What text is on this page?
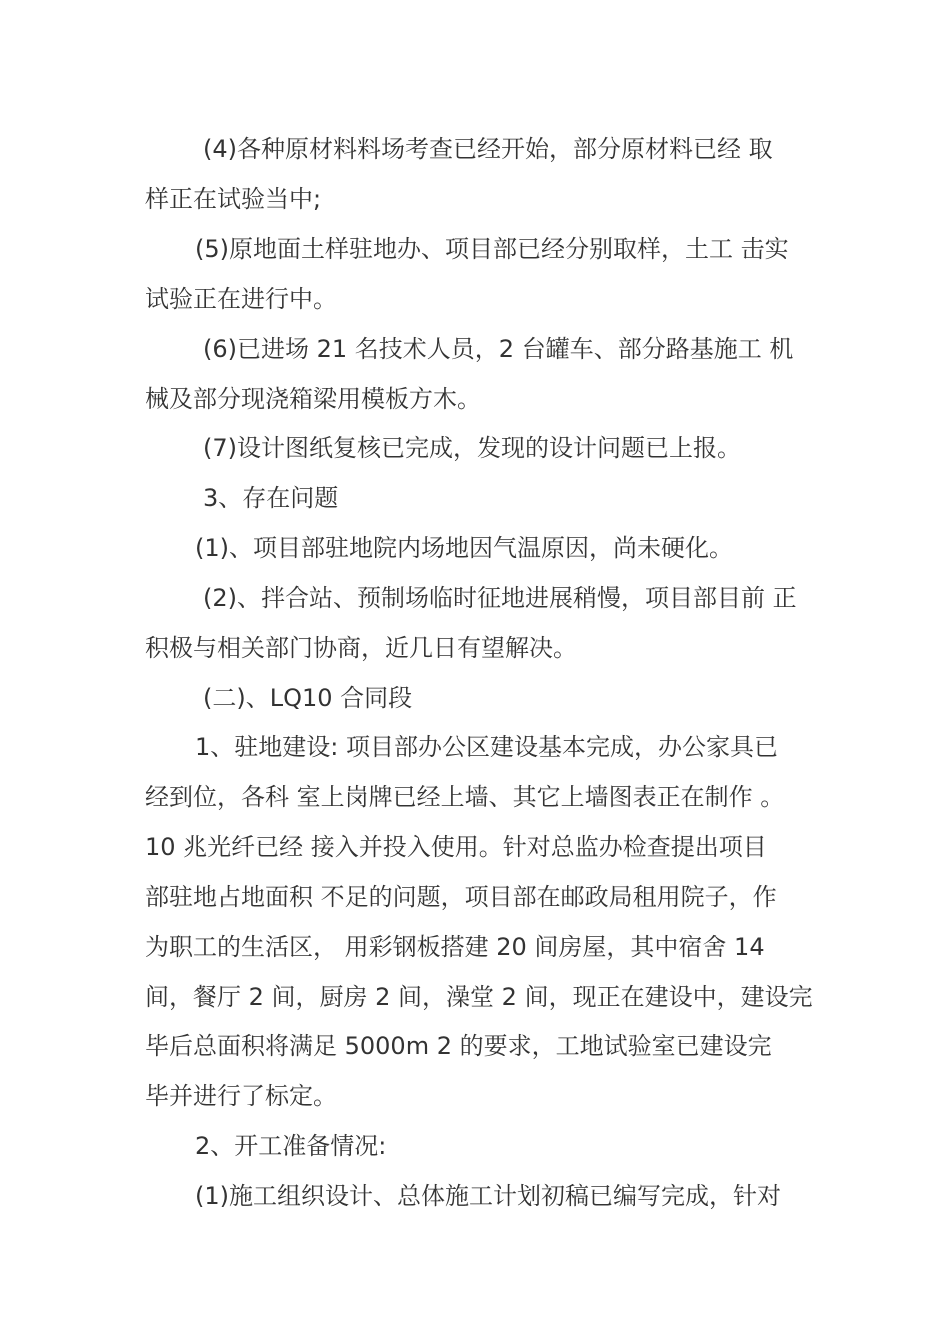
(4)各种原材料料场考查已经开始，部分原材料已经 取
样正在试验当中;
(5)原地面土样驻地办、项目部已经分别取样，土工 击实
试验正在进行中。
(6)已进场 21 名技术人员，2 台罐车、部分路基施工 机
械及部分现浇箱梁用模板方木。
(7)设计图纸复核已完成，发现的设计问题已上报。
3、存在问题
(1)、项目部驻地院内场地因气温原因，尚未硬化。
(2)、拌合站、预制场临时征地进展稍慢，项目部目前 正
积极与相关部门协商，近几日有望解决。
(二)、LQ10 合同段
1、驻地建设: 项目部办公区建设基本完成，办公家具已
经到位，各科 室上岗牌已经上墙、其它上墙图表正在制作 。
10 兆光纤已经 接入并投入使用。针对总监办检查提出项目
部驻地占地面积 不足的问题，项目部在邮政局租用院子，作
为职工的生活区， 用彩钢板搭建 20 间房屋，其中宿舍 14
间，餐厅 2 间，厨房 2 间，澡堂 2 间，现正在建设中，建设完
毕后总面积将满足 5000m 2 的要求，工地试验室已建设完
毕并进行了标定。
2、开工准备情况:
(1)施工组织设计、总体施工计划初稿已编写完成，针对
